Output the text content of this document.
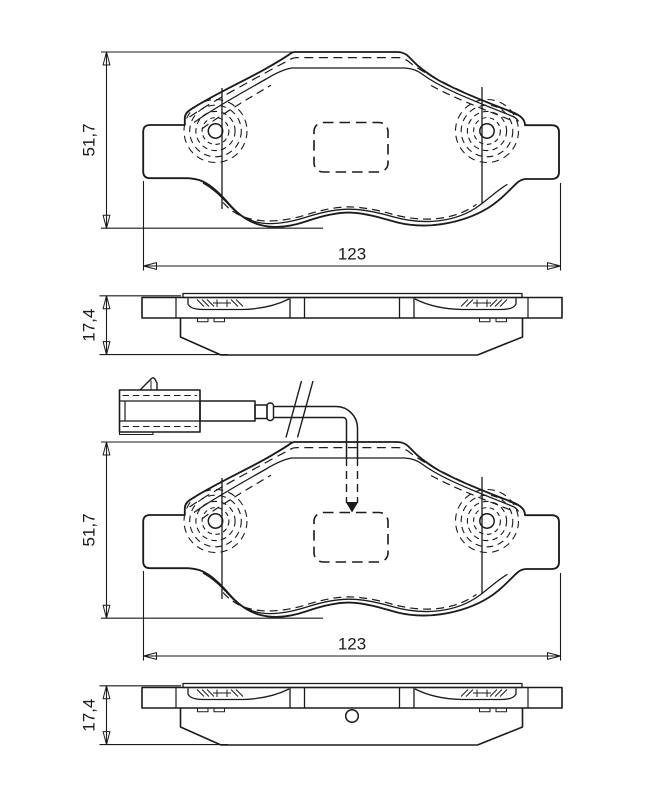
51,7
123
17,4
51,7
123
17,4
